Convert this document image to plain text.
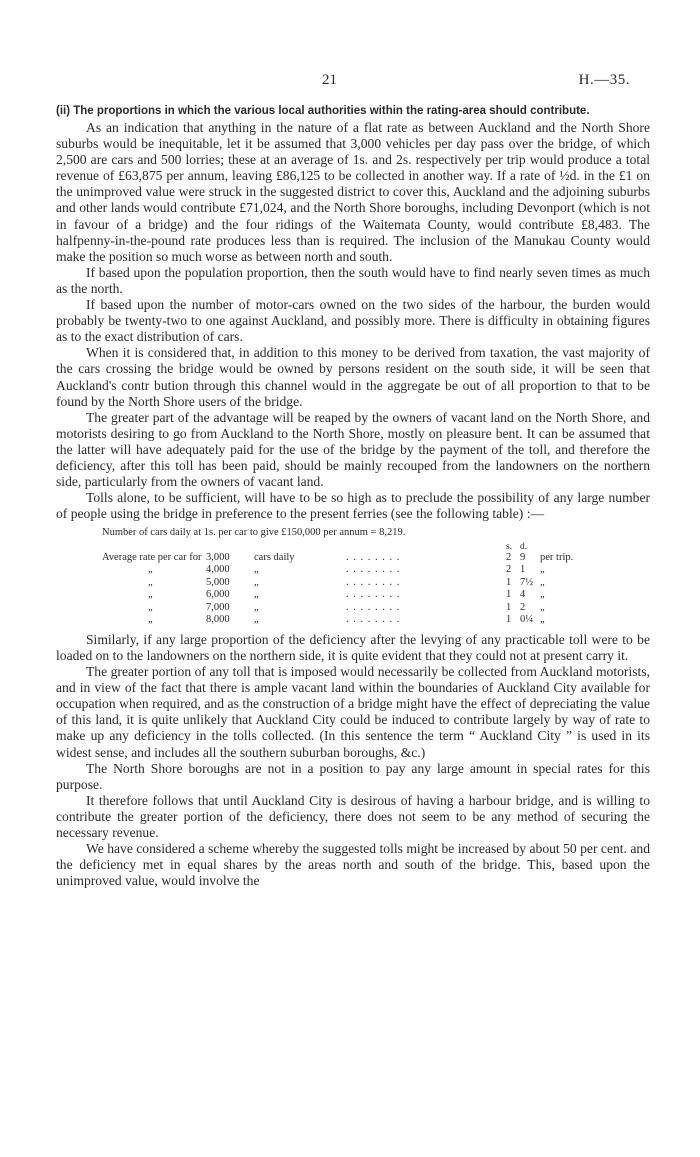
21	H.—35.

(ii) The proportions in which the various local authorities within the rating-area should contribute.

As an indication that anything in the nature of a flat rate as between Auckland and the North Shore suburbs would be inequitable, let it be assumed that 3,000 vehicles per day pass over the bridge, of which 2,500 are cars and 500 lorries; these at an average of 1s. and 2s. respectively per trip would produce a total revenue of £63,875 per annum, leaving £86,125 to be collected in another way. If a rate of ½d. in the £1 on the unimproved value were struck in the suggested district to cover this, Auckland and the adjoining suburbs and other lands would contribute £71,024, and the North Shore boroughs, including Devonport (which is not in favour of a bridge) and the four ridings of the Waitemata County, would contribute £8,483. The halfpenny-in-the-pound rate produces less than is required. The inclusion of the Manukau County would make the position so much worse as between north and south.

If based upon the population proportion, then the south would have to find nearly seven times as much as the north.

If based upon the number of motor-cars owned on the two sides of the harbour, the burden would probably be twenty-two to one against Auckland, and possibly more. There is difficulty in obtaining figures as to the exact distribution of cars.

When it is considered that, in addition to this money to be derived from taxation, the vast majority of the cars crossing the bridge would be owned by persons resident on the south side, it will be seen that Auckland's contr bution through this channel would in the aggregate be out of all proportion to that to be found by the North Shore users of the bridge.

The greater part of the advantage will be reaped by the owners of vacant land on the North Shore, and motorists desiring to go from Auckland to the North Shore, mostly on pleasure bent. It can be assumed that the latter will have adequately paid for the use of the bridge by the payment of the toll, and therefore the deficiency, after this toll has been paid, should be mainly recouped from the landowners on the northern side, particularly from the owners of vacant land.

Tolls alone, to be sufficient, will have to be so high as to preclude the possibility of any large number of people using the bridge in preference to the present ferries (see the following table) :—

Number of cars daily at 1s. per car to give £150,000 per annum = 8,219.
s. d.
Average rate per car for 3,000 cars daily	. . . . . . . .	2 9 per trip.
„	4,000 „	. . . . . . . .	2 1 „
„	5,000 „	. . . . . . . .	1 7½ „
„	6,000 „	. . . . . . . .	1 4 „
„	7,000 „	. . . . . . . .	1 2 „
„	8,000 „	. . . . . . . .	1 0¼ „

Similarly, if any large proportion of the deficiency after the levying of any practicable toll were to be loaded on to the landowners on the northern side, it is quite evident that they could not at present carry it.

The greater portion of any toll that is imposed would necessarily be collected from Auckland motorists, and in view of the fact that there is ample vacant land within the boundaries of Auckland City available for occupation when required, and as the construction of a bridge might have the effect of depreciating the value of this land, it is quite unlikely that Auckland City could be induced to contribute largely by way of rate to make up any deficiency in the tolls collected. (In this sentence the term “ Auckland City ” is used in its widest sense, and includes all the southern suburban boroughs, &c.)

The North Shore boroughs are not in a position to pay any large amount in special rates for this purpose.

It therefore follows that until Auckland City is desirous of having a harbour bridge, and is willing to contribute the greater portion of the deficiency, there does not seem to be any method of securing the necessary revenue.

We have considered a scheme whereby the suggested tolls might be increased by about 50 per cent. and the deficiency met in equal shares by the areas north and south of the bridge. This, based upon the unimproved value, would involve the
